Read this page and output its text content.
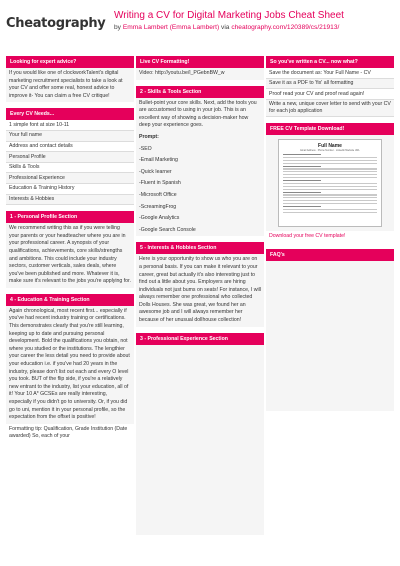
Cheatography
Writing a CV for Digital Marketing Jobs Cheat Sheet
by Emma Lambert (Emma Lambert) via cheatography.com/120389/cs/21913/
Looking for expert advice?
If you would like one of clockworkTalent's digital marketing recruitment specialists to take a look at your CV and offer some real, honest advice to improve it- You can claim a free CV critique!
Every CV Needs...
1 simple font at size 10-11
Your full name
Address and contact details
Personal Profile
Skills & Tools
Professional Experience
Education & Training History
Interests & Hobbies
1 - Personal Profile Section
We recommend writing this as if you were telling your parents or your headteacher where you are in your professional career. A synopsis of your qualifications, achievements, core skills/strengths and ambitions. This could include your industry sectors, customer verticals, sales deals, where you've been published and more. Whatever it is, make sure it's relevant to the jobs you're applying for.
4 - Education & Training Section
Again chronological, most recent first... especially if you've had recent industry training or certifications. This demonstrates clearly that you're still learning, keeping up to date and pursuing personal development. Bold the qualifications you obtain, not where you studied or the institutions. The lengthier your career the less detail you need to provide about your education i.e. if you've had 20 years in the industry, please don't list out each and every O level you took. BUT of the flip side, if you're a relatively new entrant to the industry, list your education, all of it! Your 10 A* GCSEs are really interesting, especially if you didn't go to university. Or, if you did go to uni, mention it in your personal profile, so the expectation from the offset is positive!
Formatting tip: Qualification, Grade Institution (Date awarded) So, each of your
Live CV Formatting!
Video: http://youtu.be/l_PGebnBW_w
2 - Skills & Tools Section
Bullet-point your core skills. Next, add the tools you are accustomed to using in your job. This is an excellent way of showing a decision-maker how deep your experience goes.
Prompt:
-SEO
-Email Marketing
-Quick learner
-Fluent in Spanish
-Microsoft Office
-ScreamingFrog
-Google Analytics
-Google Search Console
5 - Interests & Hobbies Section
Here is your opportunity to show us who you are on a personal basis. If you can make it relevant to your career, great but actually it's also interesting just to find out a little about you. Employers are hiring individuals not just bums on seats! For instance, I will always remember one professional who collected Dolls Houses. She was great, we found her an awesome job and I will always remember her because of her unusual dollhouse collection!
3 - Professional Experience Section
So you've written a CV... now what?
Save the document as: Your Full Name - CV
Save it as a PDF to 'fix' all formatting
Proof read your CV and proof read again!
Write a new, unique cover letter to send with your CV for each job application
FREE CV Template Download!
Full Name
Email Address · Phone Number · LinkedIn/Website URL
Download your free CV template!
FAQ's
